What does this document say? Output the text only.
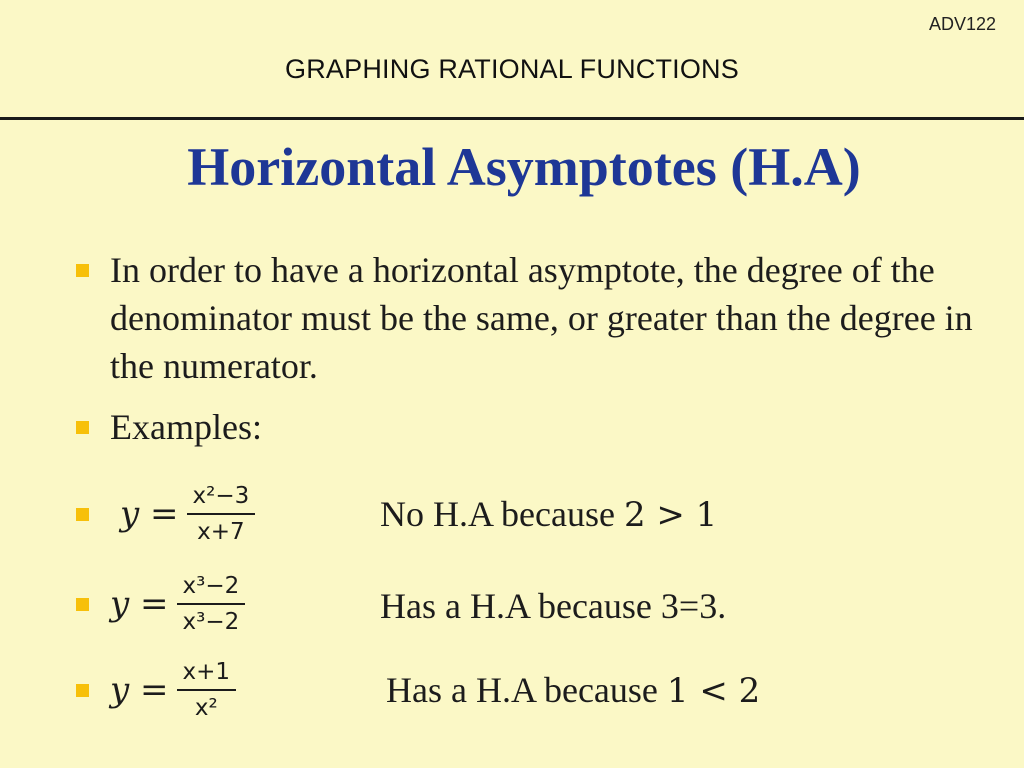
ADV122
GRAPHING RATIONAL FUNCTIONS
Horizontal Asymptotes (H.A)
In order to have a horizontal asymptote, the degree of the denominator must be the same, or greater than the degree in the numerator.
Examples:
$y = \frac{\text{x²−3}}{x+7}$	No H.A because 2 > 1
$y = \frac{\text{x³−2}}{\text{x³−2}}$	Has a H.A because 3=3.
$y = \frac{x+1}{\text{x²}}$	Has a H.A because 1 < 2
